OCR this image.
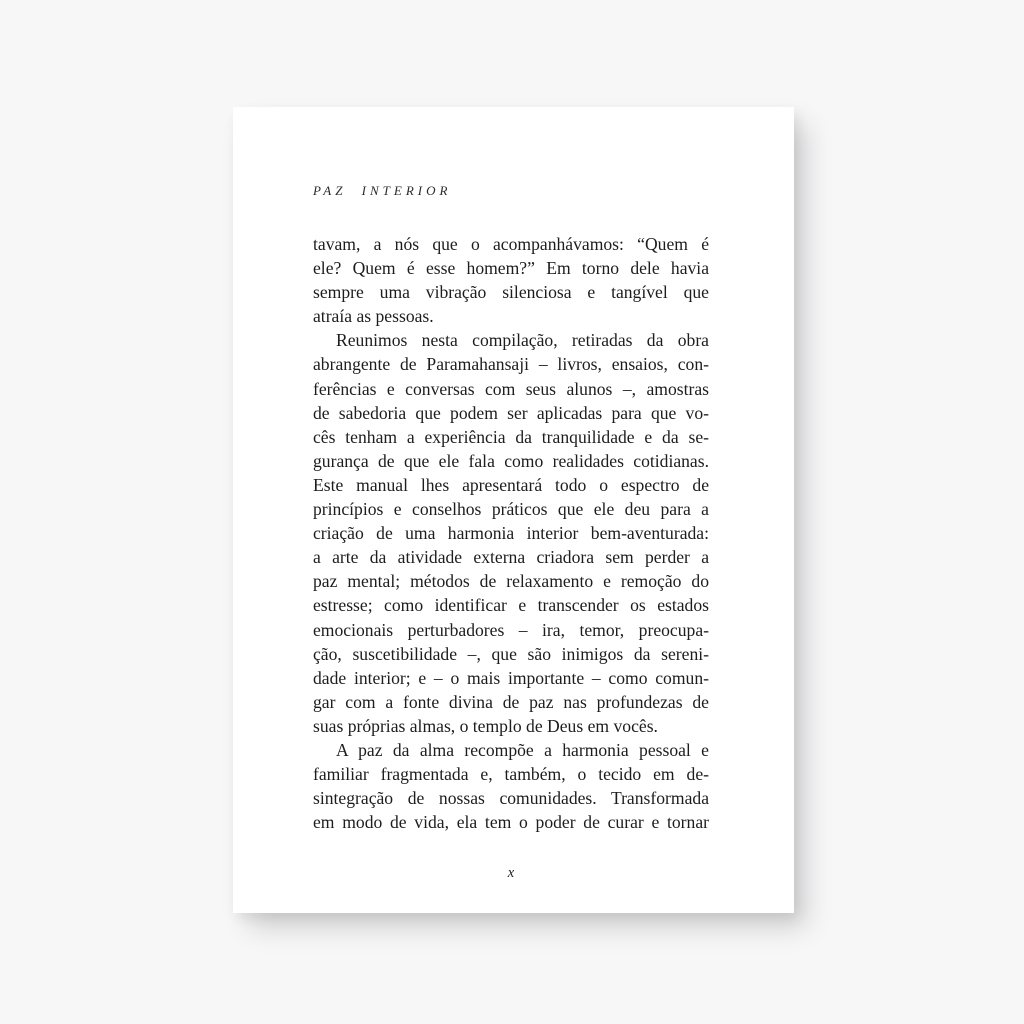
PAZ INTERIOR
tavam, a nós que o acompanhávamos: “Quem é
ele? Quem é esse homem?” Em torno dele havia
sempre uma vibração silenciosa e tangível que
atraía as pessoas.
Reunimos nesta compilação, retiradas da obra
abrangente de Paramahansaji – livros, ensaios, con-
ferências e conversas com seus alunos –, amostras
de sabedoria que podem ser aplicadas para que vo-
cês tenham a experiência da tranquilidade e da se-
gurança de que ele fala como realidades cotidianas.
Este manual lhes apresentará todo o espectro de
princípios e conselhos práticos que ele deu para a
criação de uma harmonia interior bem-aventurada:
a arte da atividade externa criadora sem perder a
paz mental; métodos de relaxamento e remoção do
estresse; como identificar e transcender os estados
emocionais perturbadores – ira, temor, preocupa-
ção, suscetibilidade –, que são inimigos da sereni-
dade interior; e – o mais importante – como comun-
gar com a fonte divina de paz nas profundezas de
suas próprias almas, o templo de Deus em vocês.
A paz da alma recompõe a harmonia pessoal e
familiar fragmentada e, também, o tecido em de-
sintegração de nossas comunidades. Transformada
em modo de vida, ela tem o poder de curar e tornar
x
